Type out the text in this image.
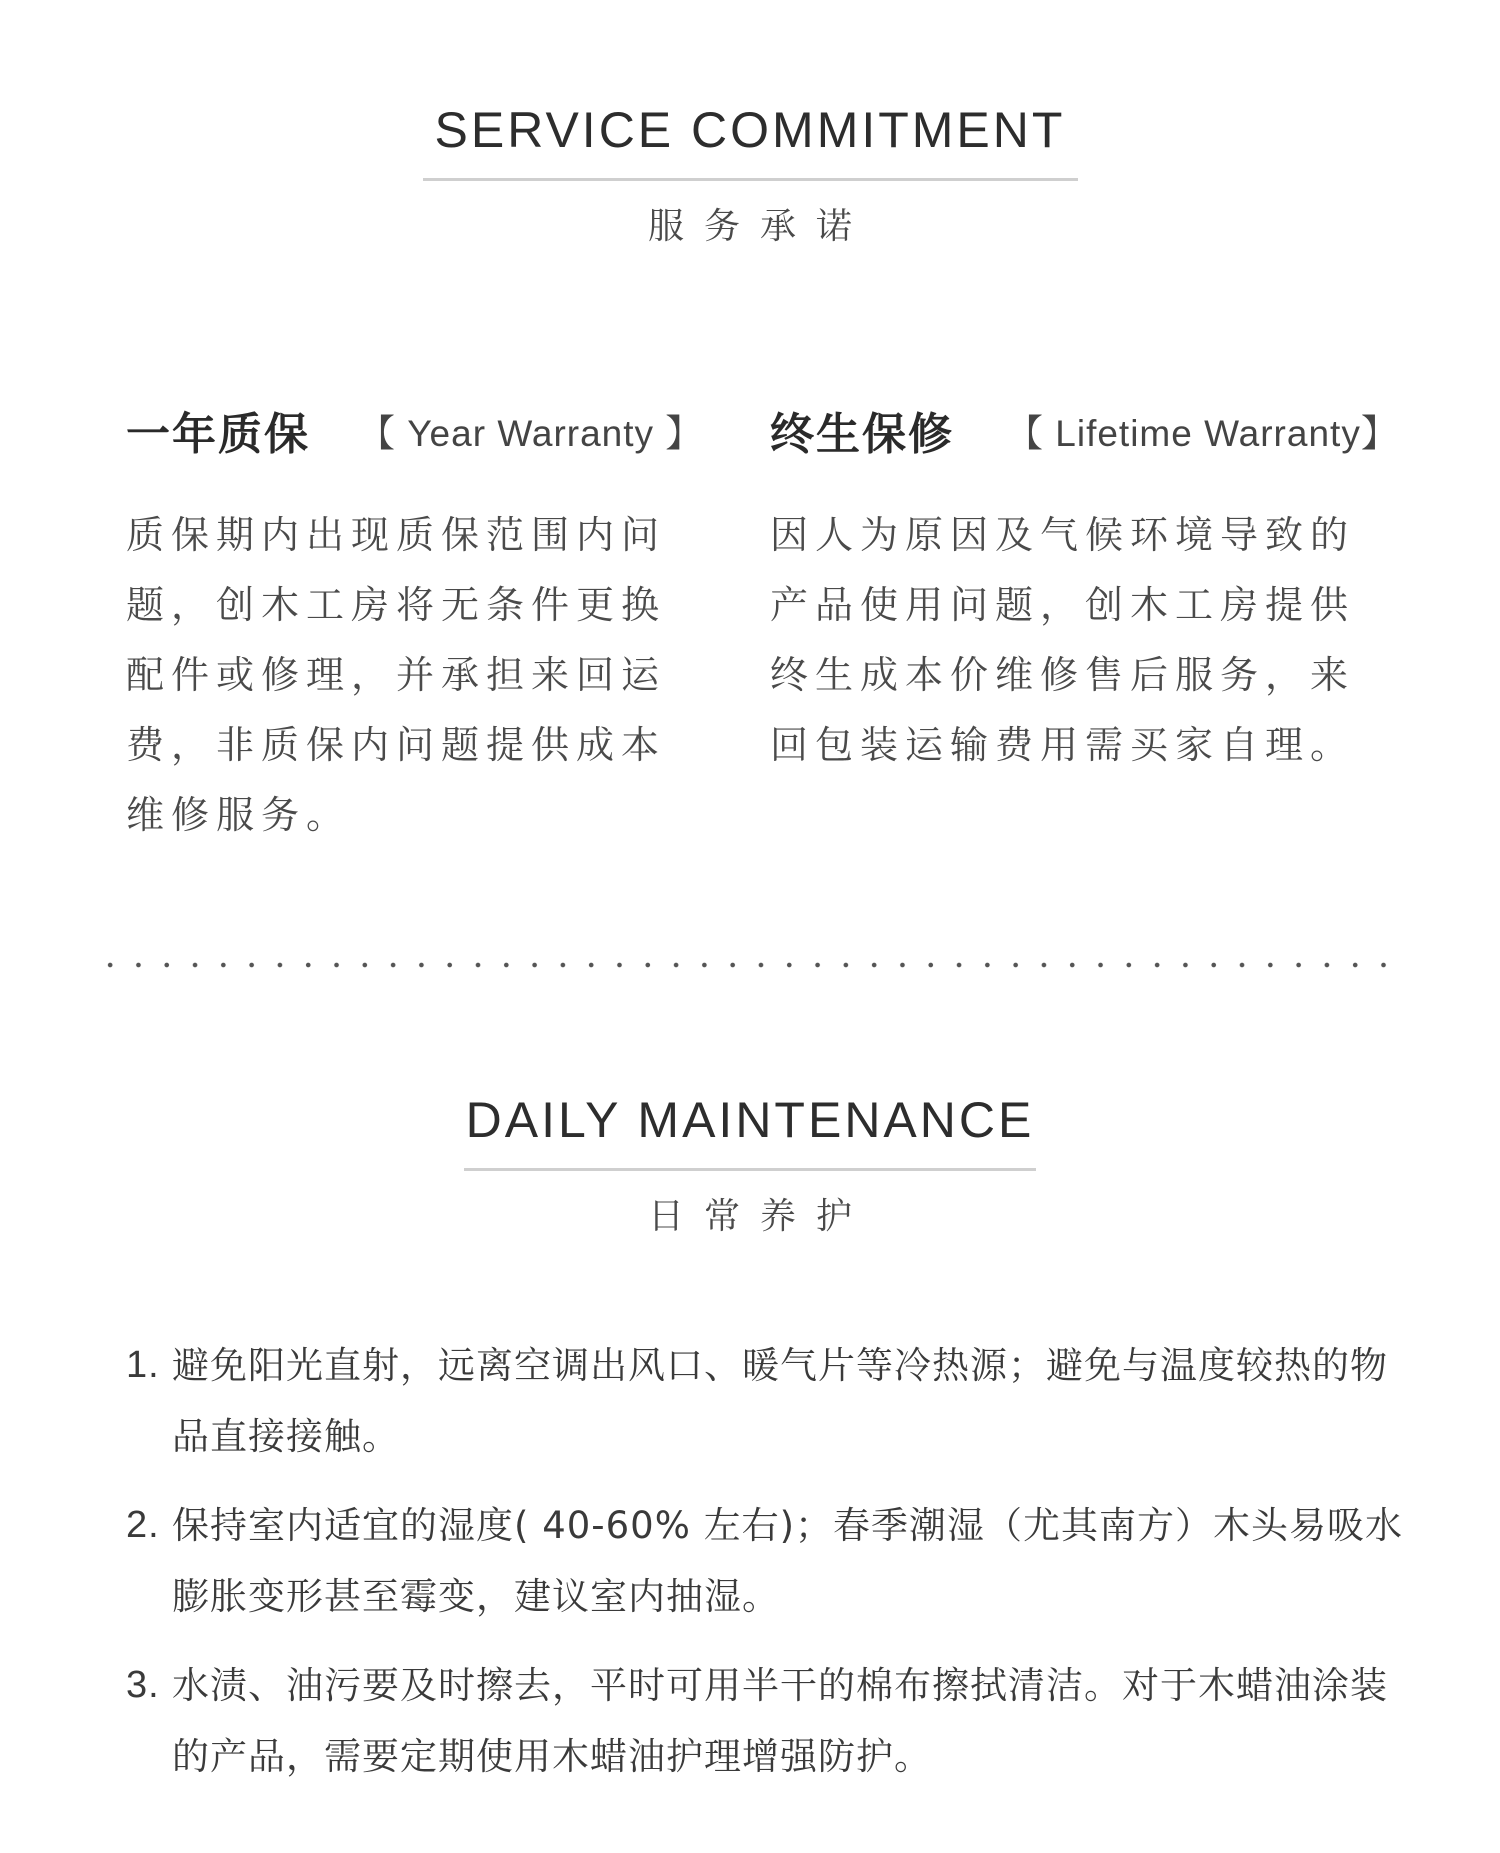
SERVICE COMMITMENT

服务承诺

一年质保 【 Year Warranty 】

质保期内出现质保范围内问题，创木工房将无条件更换配件或修理，并承担来回运费，非质保内问题提供成本维修服务。

终生保修 【 Lifetime Warranty】

因人为原因及气候环境导致的产品使用问题，创木工房提供终生成本价维修售后服务，来回包装运输费用需买家自理。

DAILY MAINTENANCE

日常养护

1. 避免阳光直射，远离空调出风口、暖气片等冷热源；避免与温度较热的物品直接接触。
2. 保持室内适宜的湿度( 40-60% 左右)；春季潮湿（尤其南方）木头易吸水膨胀变形甚至霉变，建议室内抽湿。
3. 水渍、油污要及时擦去，平时可用半干的棉布擦拭清洁。对于木蜡油涂装的产品，需要定期使用木蜡油护理增强防护。
